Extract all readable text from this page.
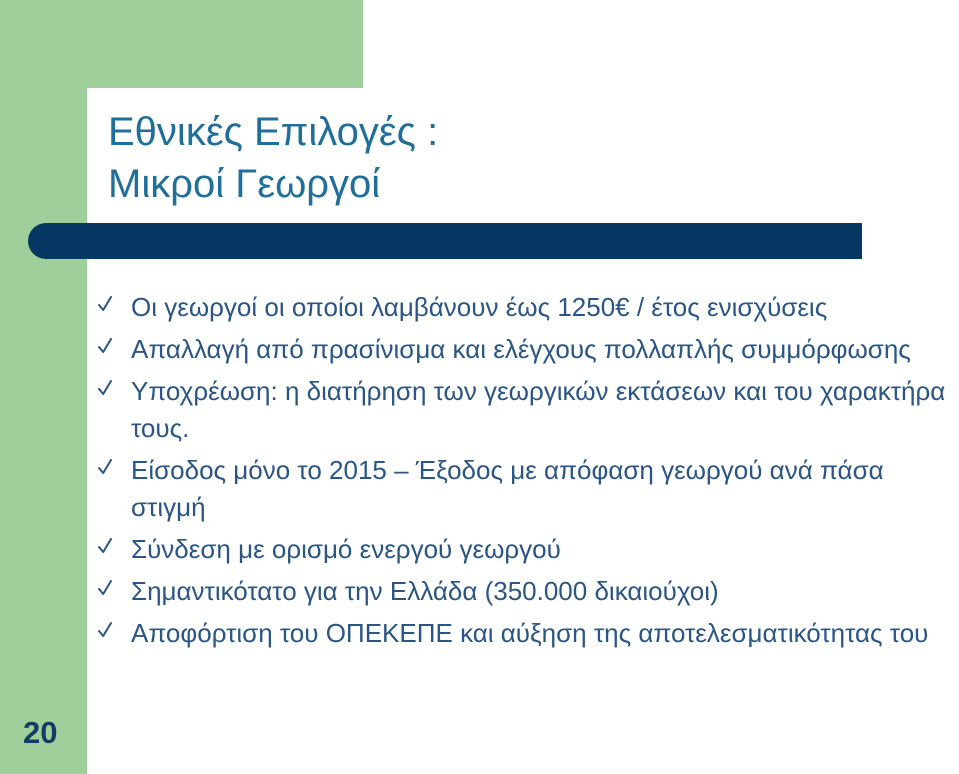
Εθνικές Επιλογές :
Μικροί Γεωργοί
Οι γεωργοί οι οποίοι λαμβάνουν έως 1250€ / έτος ενισχύσεις
Απαλλαγή από πρασίνισμα και ελέγχους πολλαπλής συμμόρφωσης
Υποχρέωση: η διατήρηση των γεωργικών εκτάσεων και του χαρακτήρα τους.
Είσοδος μόνο το 2015 – Έξοδος με απόφαση γεωργού ανά πάσα στιγμή
Σύνδεση με ορισμό ενεργού γεωργού
Σημαντικότατο για την Ελλάδα (350.000 δικαιούχοι)
Αποφόρτιση του ΟΠΕΚΕΠΕ και αύξηση της αποτελεσματικότητας του
20
